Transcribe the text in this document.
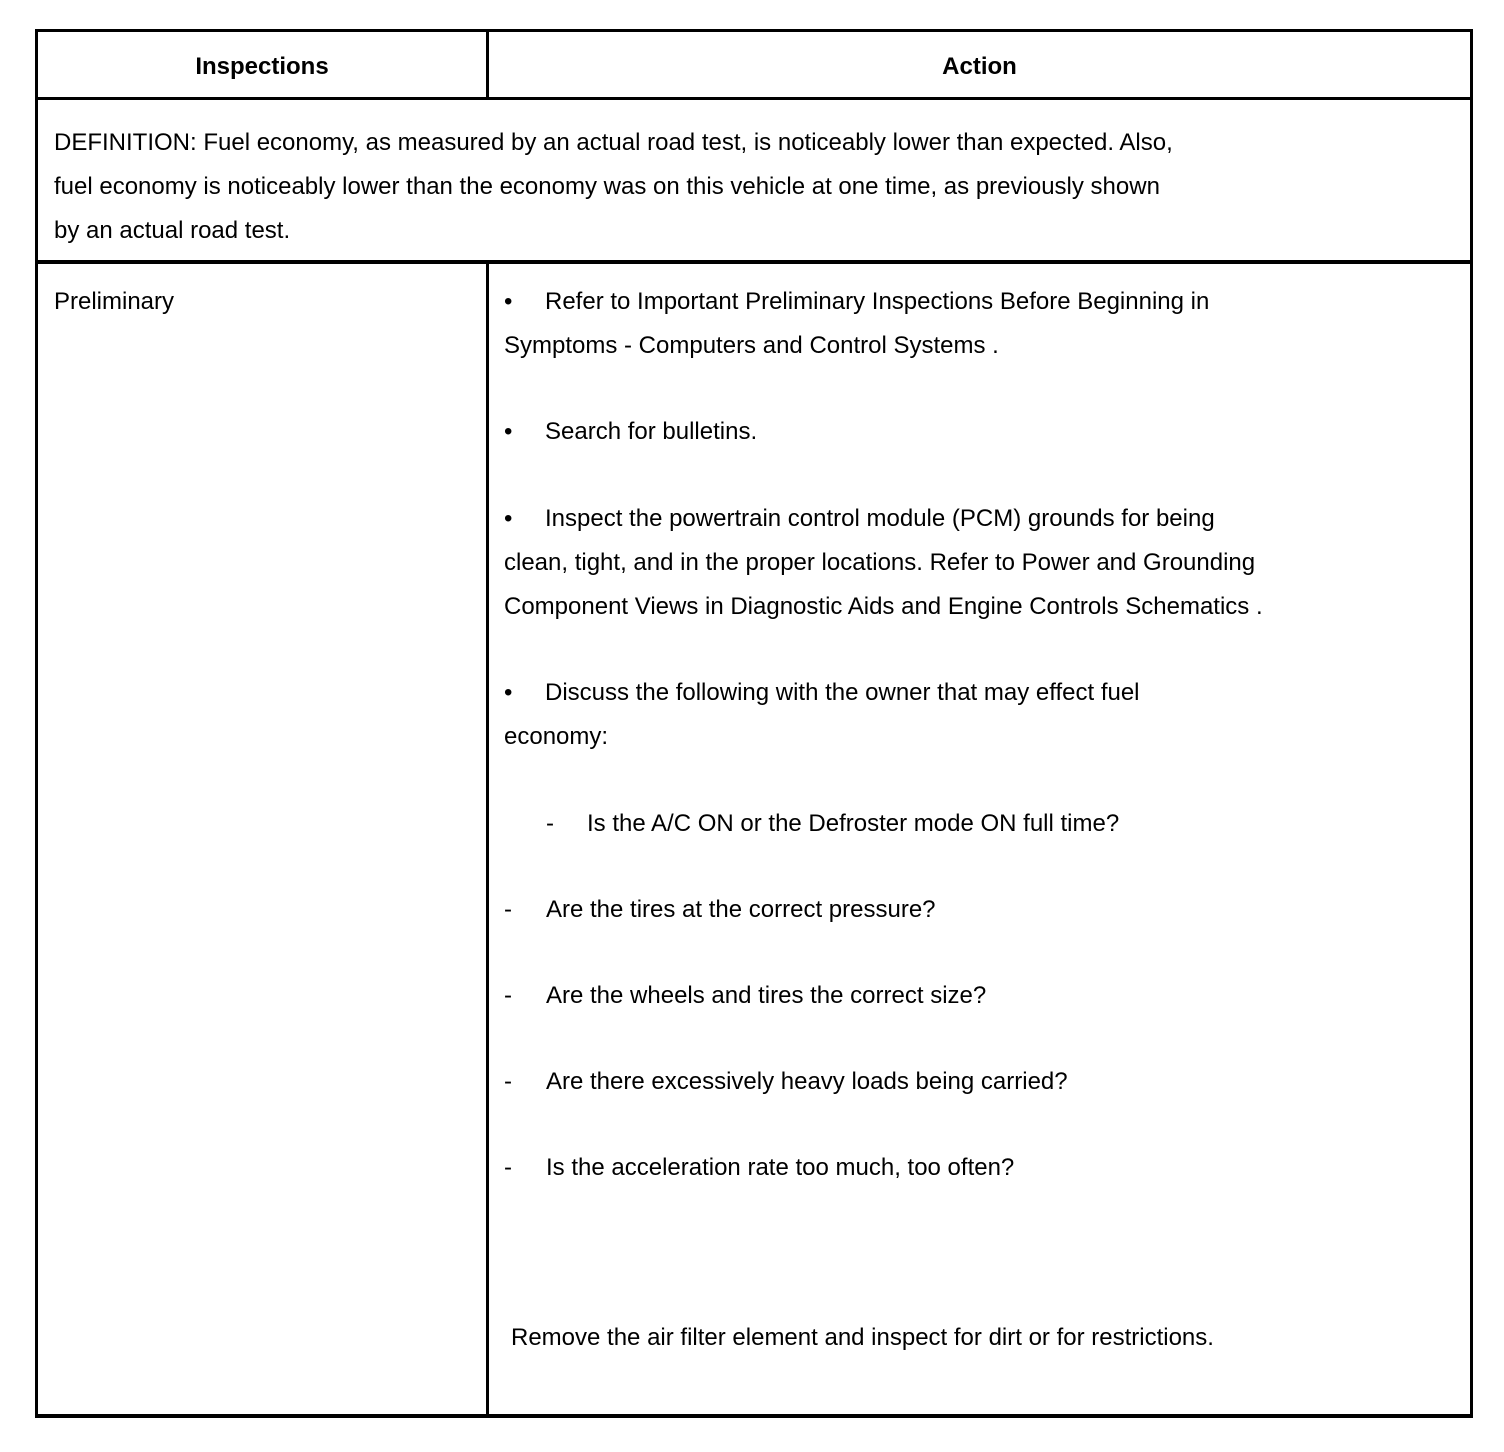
Inspections	Action
DEFINITION: Fuel economy, as measured by an actual road test, is noticeably lower than expected. Also,
fuel economy is noticeably lower than the economy was on this vehicle at one time, as previously shown
by an actual road test.
Preliminary	• Refer to Important Preliminary Inspections Before Beginning in
Symptoms - Computers and Control Systems .
• Search for bulletins.
• Inspect the powertrain control module (PCM) grounds for being
clean, tight, and in the proper locations. Refer to Power and Grounding
Component Views in Diagnostic Aids and Engine Controls Schematics .
• Discuss the following with the owner that may effect fuel
economy:
- Is the A/C ON or the Defroster mode ON full time?
- Are the tires at the correct pressure?
- Are the wheels and tires the correct size?
- Are there excessively heavy loads being carried?
- Is the acceleration rate too much, too often?
Remove the air filter element and inspect for dirt or for restrictions.
